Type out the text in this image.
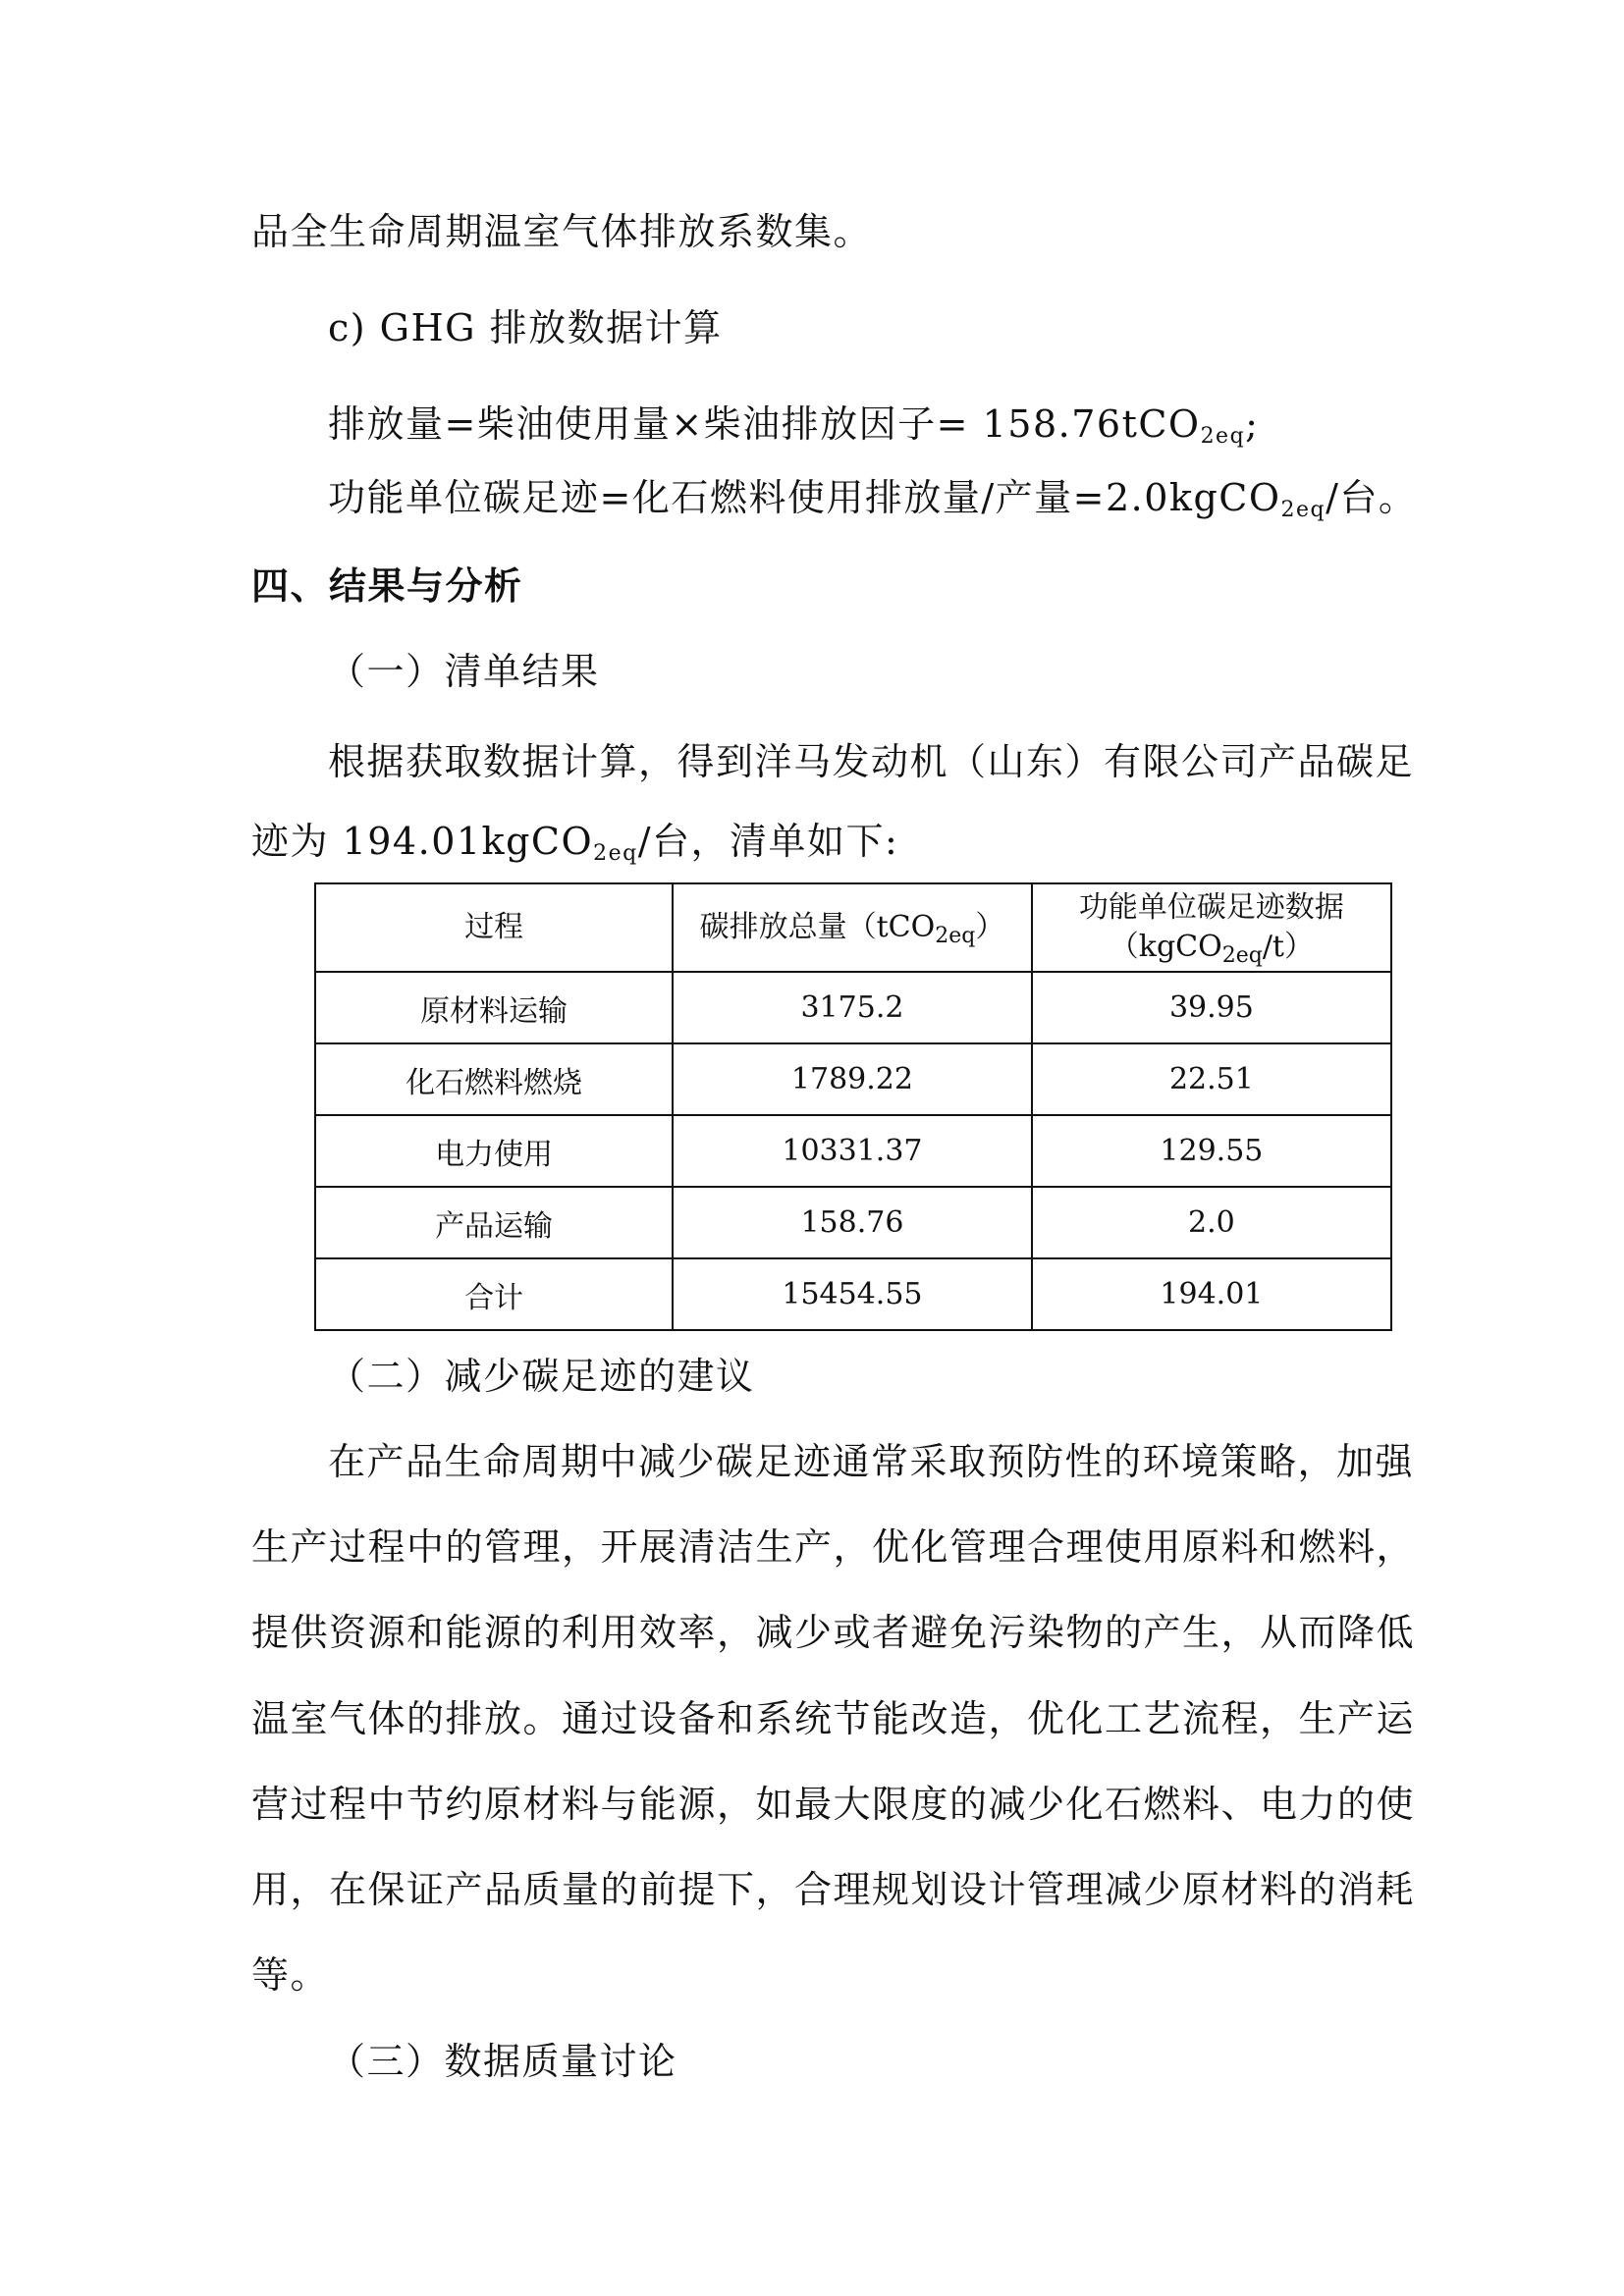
品全生命周期温室气体排放系数集。
c) GHG 排放数据计算
排放量=柴油使用量×柴油排放因子= 158.76tCO$_{2eq}$;
功能单位碳足迹=化石燃料使用排放量/产量=2.0kgCO$_{2eq}$/台。
四、结果与分析
（一）清单结果
根据获取数据计算，得到洋马发动机（山东）有限公司产品碳足
迹为 194.01kgCO$_{2eq}$/台，清单如下:
过程	碳排放总量（tCO$_{2eq}$）	功能单位碳足迹数据
（kgCO$_{2eq}$/t）

原材料运输	3175.2	39.95
化石燃料燃烧	1789.22	22.51
电力使用	10331.37	129.55
产品运输	158.76	2.0
合计	15454.55	194.01
（二）减少碳足迹的建议
在产品生命周期中减少碳足迹通常采取预防性的环境策略，加强
生产过程中的管理，开展清洁生产，优化管理合理使用原料和燃料，
提供资源和能源的利用效率，减少或者避免污染物的产生，从而降低
温室气体的排放。通过设备和系统节能改造，优化工艺流程，生产运
营过程中节约原材料与能源，如最大限度的减少化石燃料、电力的使
用，在保证产品质量的前提下，合理规划设计管理减少原材料的消耗
等。
（三）数据质量讨论
